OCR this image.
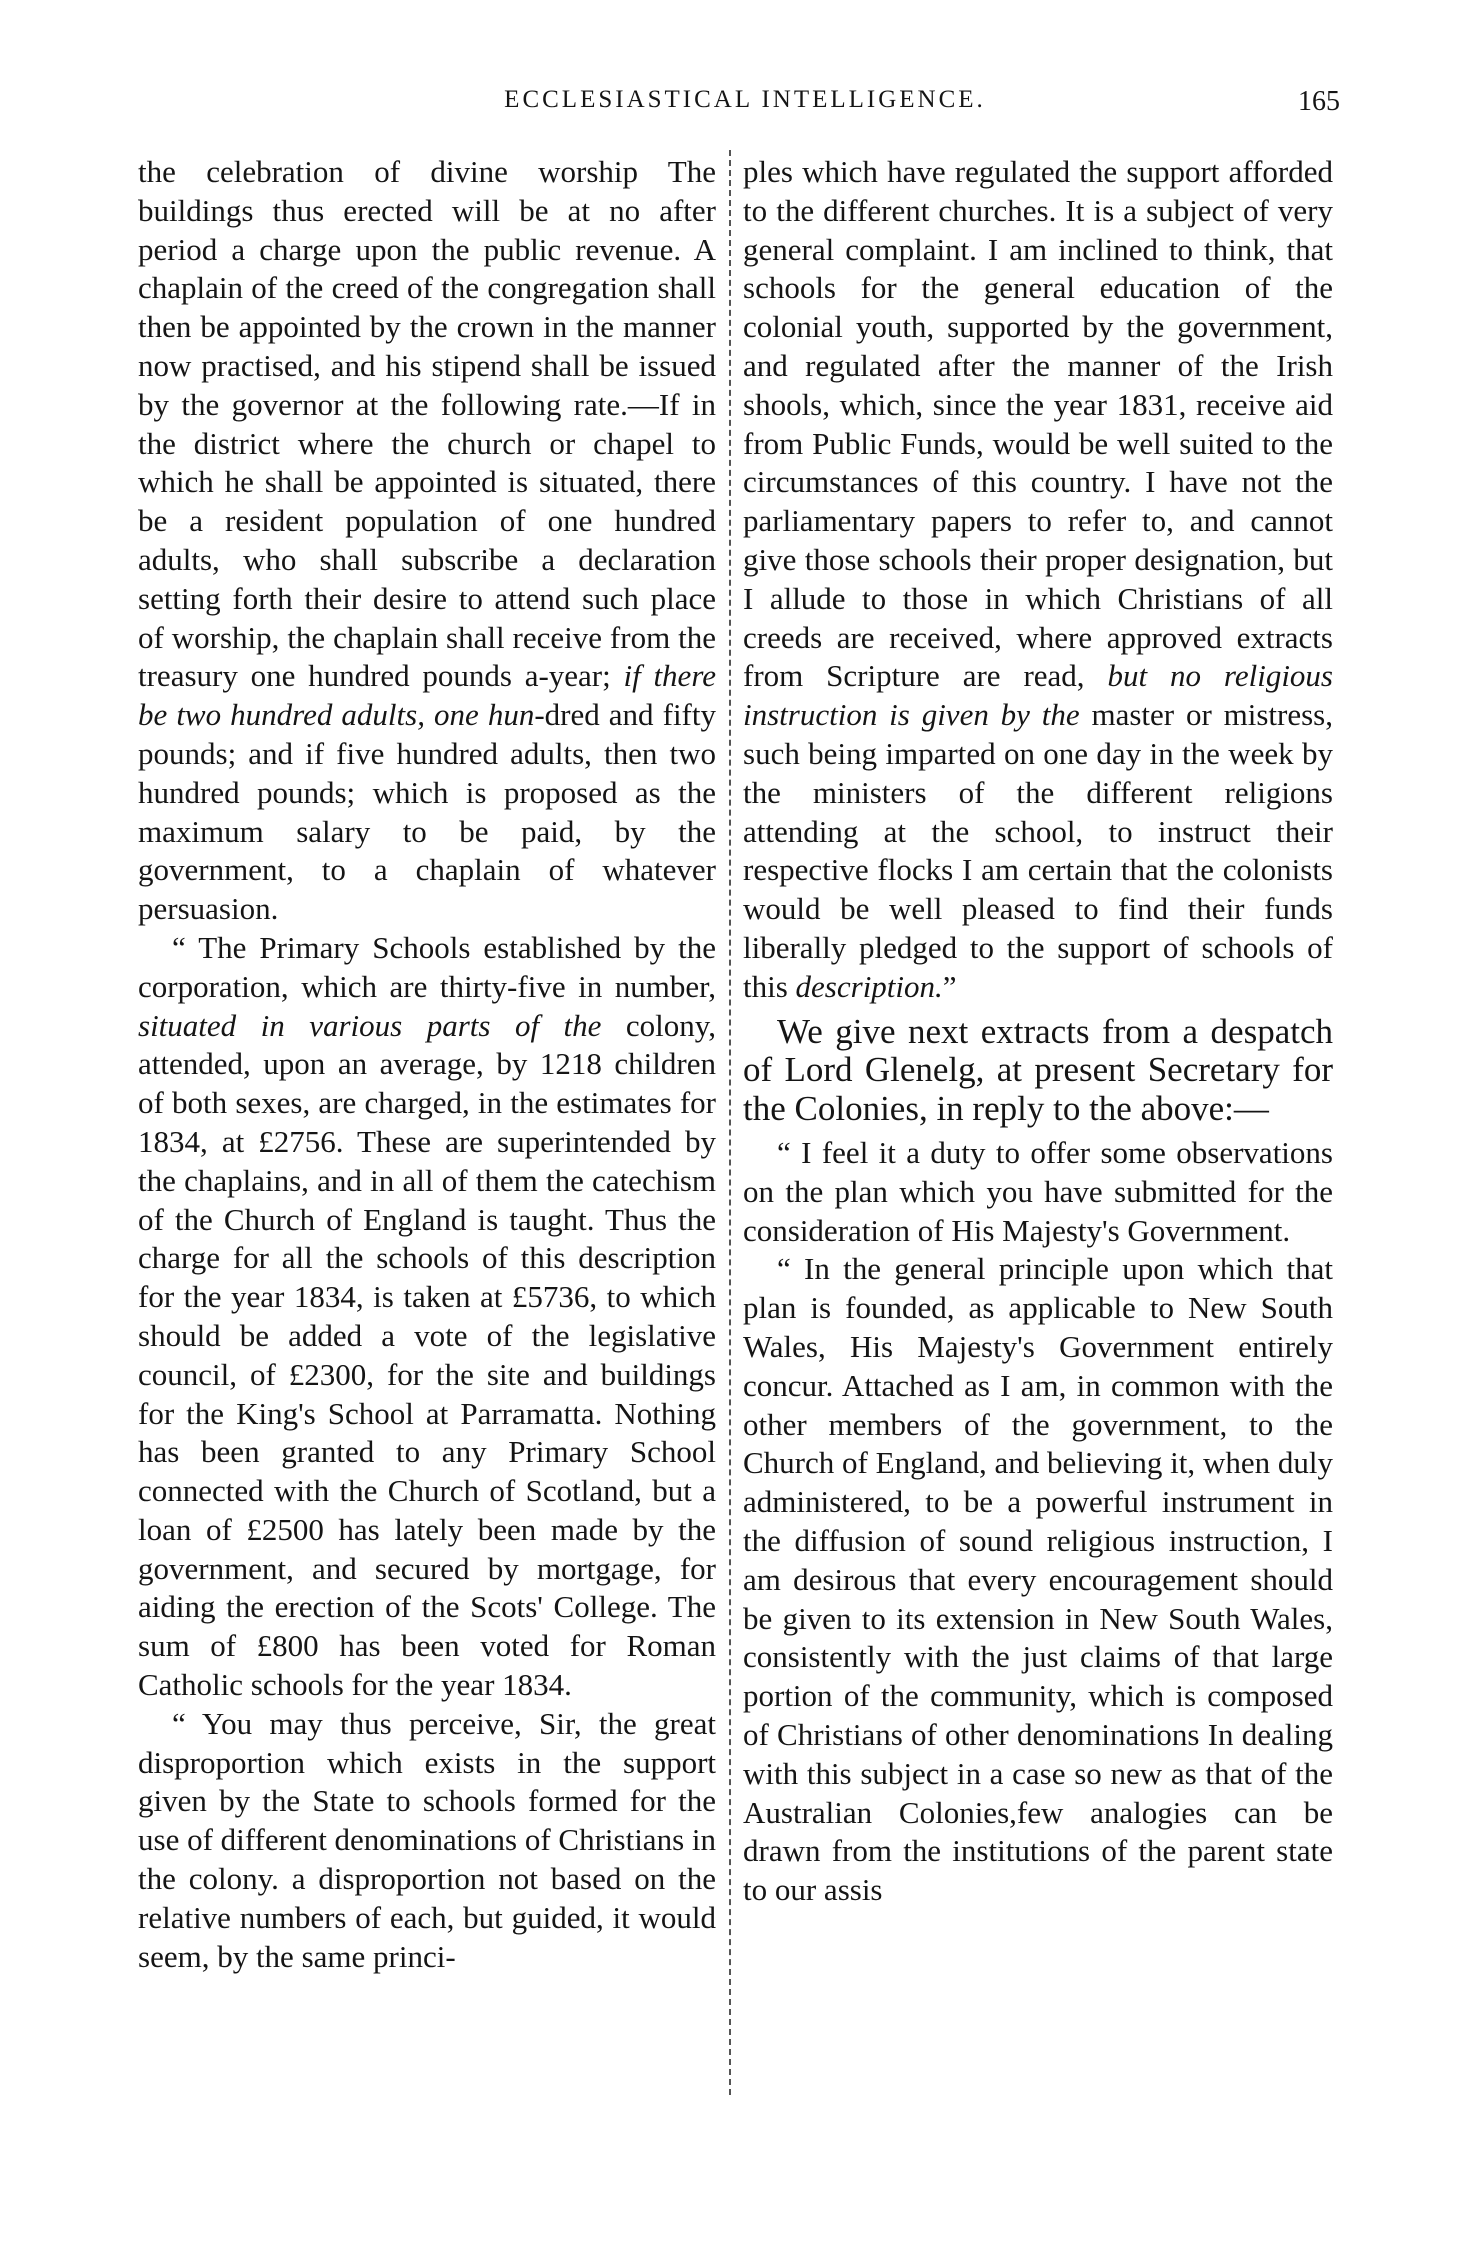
ECCLESIASTICAL INTELLIGENCE.	165

the celebration of divine worship The buildings thus erected will be at no after period a charge upon the public revenue. A chaplain of the creed of the congregation shall then be appointed by the crown in the manner now practised, and his stipend shall be issued by the governor at the following rate.—If in the district where the church or chapel to which he shall be appointed is situated, there be a resident population of one hundred adults, who shall subscribe a declaration setting forth their desire to attend such place of worship, the chaplain shall receive from the treasury one hundred pounds a-year; if there be two hundred adults, one hun-dred and fifty pounds; and if five hundred adults, then two hundred pounds; which is proposed as the maximum salary to be paid, by the government, to a chaplain of whatever persuasion.

“ The Primary Schools established by the corporation, which are thirty-five in number, situated in various parts of the colony, attended, upon an average, by 1218 children of both sexes, are charged, in the estimates for 1834, at £2756. These are superintended by the chaplains, and in all of them the catechism of the Church of England is taught. Thus the charge for all the schools of this description for the year 1834, is taken at £5736, to which should be added a vote of the legislative council, of £2300, for the site and buildings for the King's School at Parramatta. Nothing has been granted to any Primary School connected with the Church of Scotland, but a loan of £2500 has lately been made by the government, and secured by mortgage, for aiding the erection of the Scots' College. The sum of £800 has been voted for Roman Catholic schools for the year 1834.

“ You may thus perceive, Sir, the great disproportion which exists in the support given by the State to schools formed for the use of different denominations of Christians in the colony. a disproportion not based on the relative numbers of each, but guided, it would seem, by the same princi-

ples which have regulated the support afforded to the different churches. It is a subject of very general complaint. I am inclined to think, that schools for the general education of the colonial youth, supported by the government, and regulated after the manner of the Irish shools, which, since the year 1831, receive aid from Public Funds, would be well suited to the circumstances of this country. I have not the parliamentary papers to refer to, and cannot give those schools their proper designation, but I allude to those in which Christians of all creeds are received, where approved extracts from Scripture are read, but no religious instruction is given by the master or mistress, such being imparted on one day in the week by the ministers of the different religions attending at the school, to instruct their respective flocks I am certain that the colonists would be well pleased to find their funds liberally pledged to the support of schools of this description.”

We give next extracts from a despatch of Lord Glenelg, at present Secretary for the Colonies, in reply to the above:—

“ I feel it a duty to offer some observations on the plan which you have submitted for the consideration of His Majesty's Government.

“ In the general principle upon which that plan is founded, as applicable to New South Wales, His Majesty's Government entirely concur. Attached as I am, in common with the other members of the government, to the Church of England, and believing it, when duly administered, to be a powerful instrument in the diffusion of sound religious instruction, I am desirous that every encouragement should be given to its extension in New South Wales, consistently with the just claims of that large portion of the community, which is composed of Christians of other denominations In dealing with this subject in a case so new as that of the Australian Colonies,few analogies can be drawn from the institutions of the parent state to our assis
